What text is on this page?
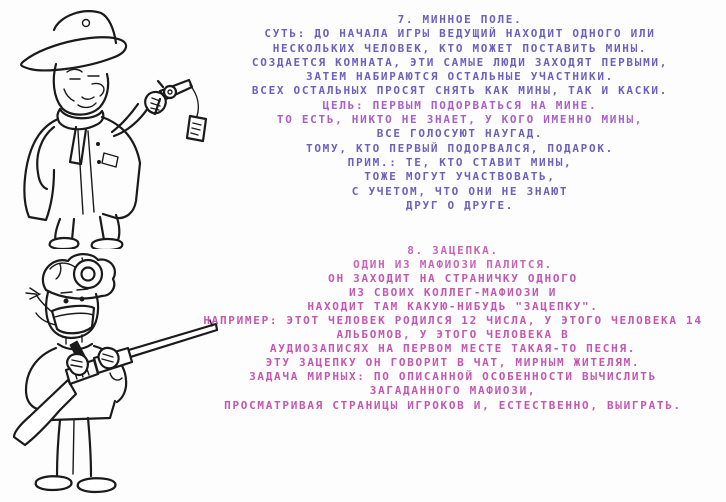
7. МИННОЕ ПОЛЕ.
СУТЬ: ДО НАЧАЛА ИГРЫ ВЕДУЩИЙ НАХОДИТ ОДНОГО ИЛИ
НЕСКОЛЬКИХ ЧЕЛОВЕК, КТО МОЖЕТ ПОСТАВИТЬ МИНЫ.
СОЗДАЕТСЯ КОМНАТА, ЭТИ САМЫЕ ЛЮДИ ЗАХОДЯТ ПЕРВЫМИ,
ЗАТЕМ НАБИРАЮТСЯ ОСТАЛЬНЫЕ УЧАСТНИКИ.
ВСЕХ ОСТАЛЬНЫХ ПРОСЯТ СНЯТЬ КАК МИНЫ, ТАК И КАСКИ.
ЦЕЛЬ: ПЕРВЫМ ПОДОРВАТЬСЯ НА МИНЕ.
ТО ЕСТЬ, НИКТО НЕ ЗНАЕТ, У КОГО ИМЕННО МИНЫ,
ВСЕ ГОЛОСУЮТ НАУГАД.
ТОМУ, КТО ПЕРВЫЙ ПОДОРВАЛСЯ, ПОДАРОК.
ПРИМ.: ТЕ, КТО СТАВИТ МИНЫ,
ТОЖЕ МОГУТ УЧАСТВОВАТЬ,
С УЧЕТОМ, ЧТО ОНИ НЕ ЗНАЮТ
ДРУГ О ДРУГЕ.
8. ЗАЦЕПКА.
ОДИН ИЗ МАФИОЗИ ПАЛИТСЯ.
ОН ЗАХОДИТ НА СТРАНИЧКУ ОДНОГО
ИЗ СВОИХ КОЛЛЕГ-МАФИОЗИ И
НАХОДИТ ТАМ КАКУЮ-НИБУДЬ "ЗАЦЕПКУ".
НАПРИМЕР: ЭТОТ ЧЕЛОВЕК РОДИЛСЯ 12 ЧИСЛА, У ЭТОГО ЧЕЛОВЕКА 14
АЛЬБОМОВ, У ЭТОГО ЧЕЛОВЕКА В
АУДИОЗАПИСЯХ НА ПЕРВОМ МЕСТЕ ТАКАЯ-ТО ПЕСНЯ.
ЭТУ ЗАЦЕПКУ ОН ГОВОРИТ В ЧАТ, МИРНЫМ ЖИТЕЛЯМ.
ЗАДАЧА МИРНЫХ: ПО ОПИСАННОЙ ОСОБЕННОСТИ ВЫЧИСЛИТЬ
ЗАГАДАННОГО МАФИОЗИ,
ПРОСМАТРИВАЯ СТРАНИЦЫ ИГРОКОВ И, ЕСТЕСТВЕННО, ВЫИГРАТЬ.
